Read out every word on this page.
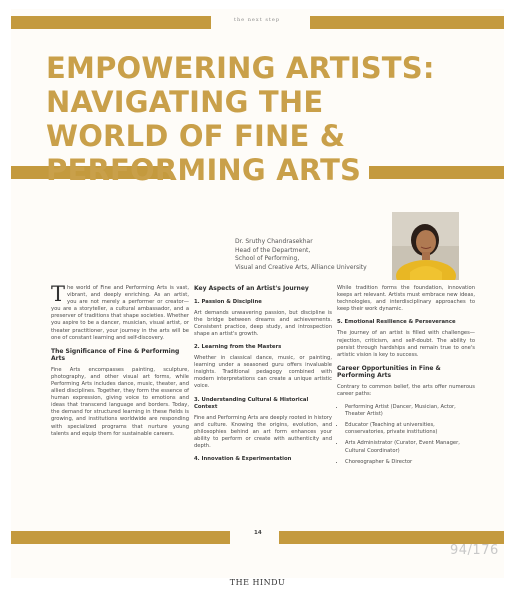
the next step
EMPOWERING ARTISTS:
NAVIGATING THE
WORLD OF FINE &
PERFORMING ARTS
Dr. Sruthy Chandrasekhar
Head of the Department,
School of Performing,
Visual and Creative Arts, Alliance University

The world of Fine and Performing Arts is vast, vibrant, and deeply enriching. As an artist, you are not merely a performer or creator—you are a storyteller, a cultural ambassador, and a preserver of traditions that shape societies. Whether you aspire to be a dancer, musician, visual artist, or theater practitioner, your journey in the arts will be one of constant learning and self-discovery.

The Significance of Fine & Performing Arts

Fine Arts encompasses painting, sculpture, photography, and other visual art forms, while Performing Arts includes dance, music, theater, and allied disciplines. Together, they form the essence of human expression, giving voice to emotions and ideas that transcend language and borders. Today, the demand for structured learning in these fields is growing, and institutions worldwide are responding with specialized programs that nurture young talents and equip them for sustainable careers.

Key Aspects of an Artist's Journey
1. Passion & Discipline

Art demands unwavering passion, but discipline is the bridge between dreams and achievements. Consistent practice, deep study, and introspection shape an artist's growth.

2. Learning from the Masters

Whether in classical dance, music, or painting, learning under a seasoned guru offers invaluable insights. Traditional pedagogy combined with modern interpretations can create a unique artistic voice.

3. Understanding Cultural & Historical Context

Fine and Performing Arts are deeply rooted in history and culture. Knowing the origins, evolution, and philosophies behind an art form enhances your ability to perform or create with authenticity and depth.

4. Innovation & Experimentation

While tradition forms the foundation, innovation keeps art relevant. Artists must embrace new ideas, technologies, and interdisciplinary approaches to keep their work dynamic.

5. Emotional Resilience & Perseverance

The journey of an artist is filled with challenges—rejection, criticism, and self-doubt. The ability to persist through hardships and remain true to one's artistic vision is key to success.

Career Opportunities in Fine & Performing Arts

Contrary to common belief, the arts offer numerous career paths:

• Performing Artist (Dancer, Musician, Actor, Theater Artist)
• Educator (Teaching at universities, conservatories, private institutions)
• Arts Administrator (Curator, Event Manager, Cultural Coordinator)
• Choreographer & Director
14
94/176
THE HINDU
